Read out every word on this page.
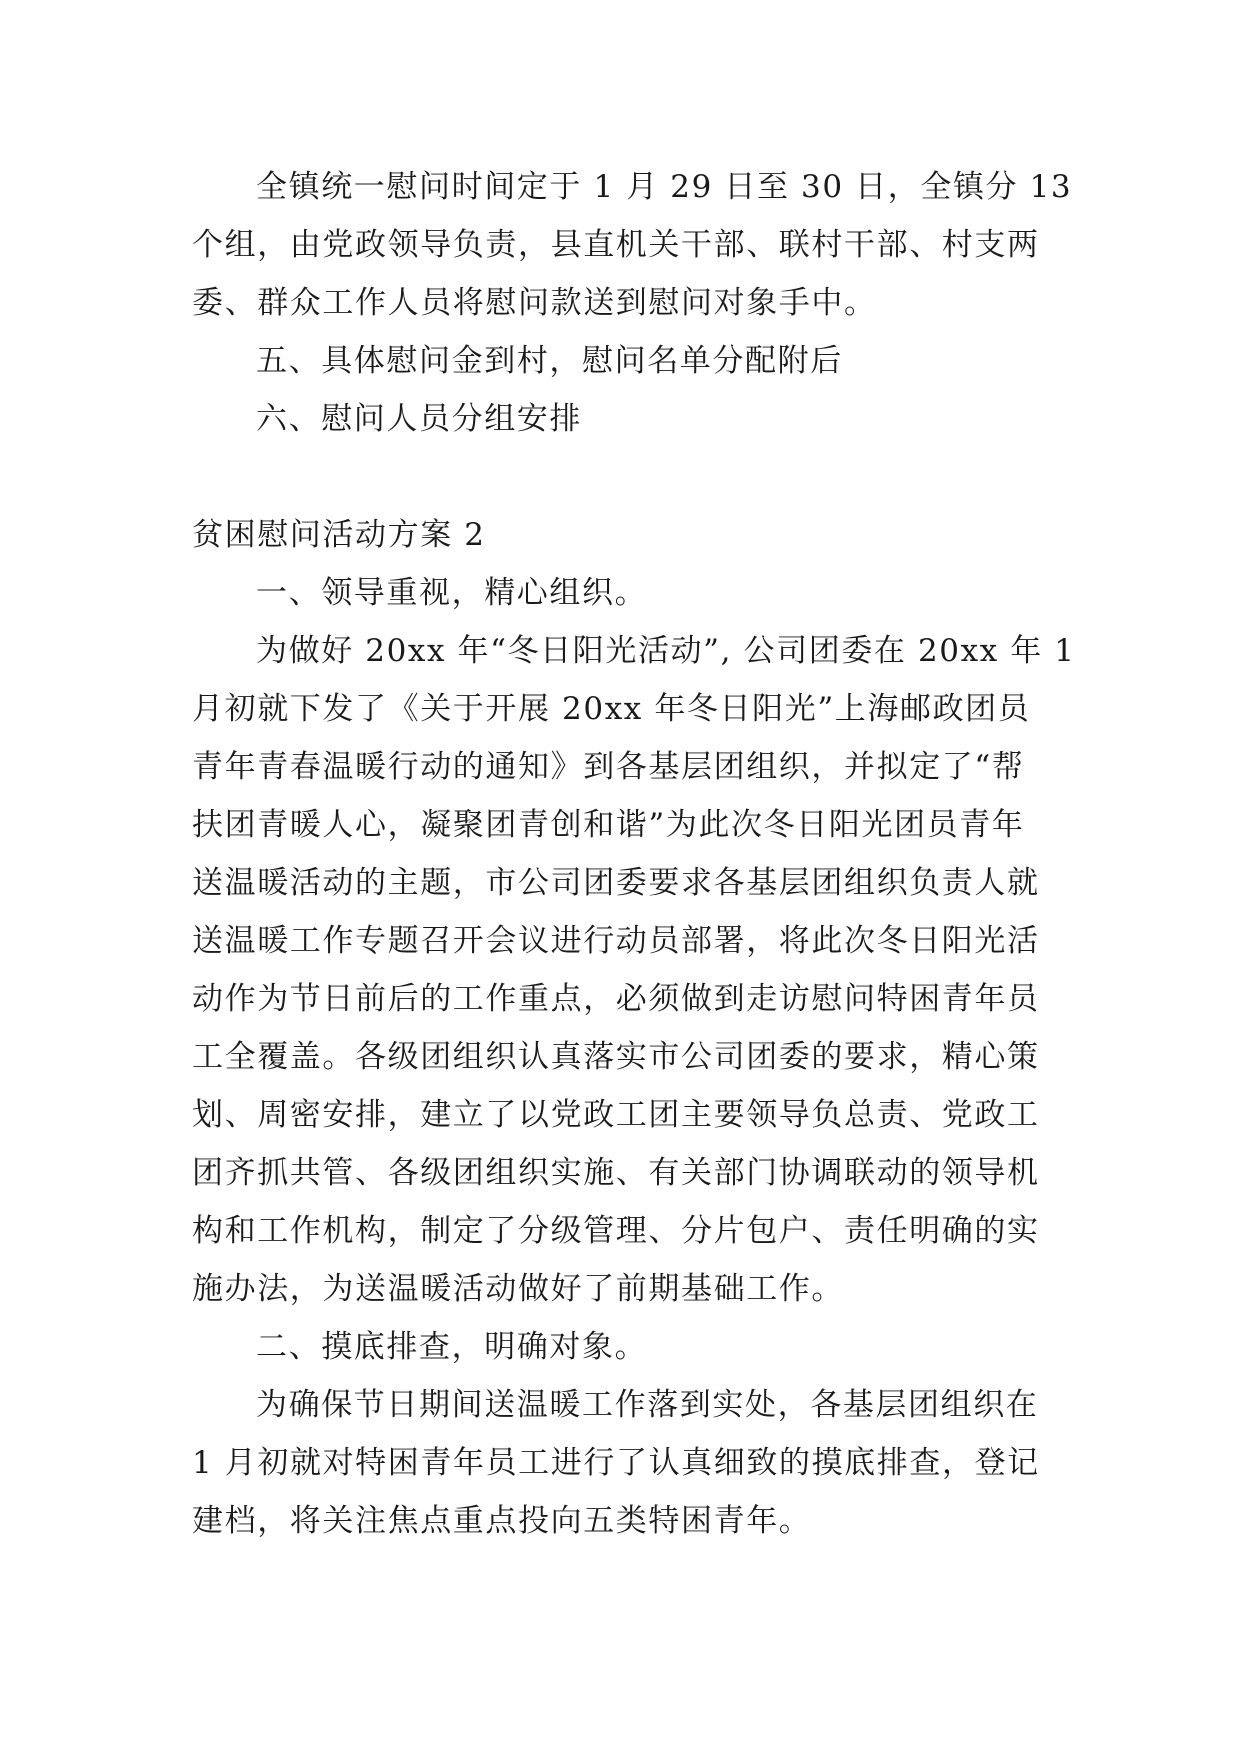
全镇统一慰问时间定于 1 月 29 日至 30 日，全镇分 13
个组，由党政领导负责，县直机关干部、联村干部、村支两
委、群众工作人员将慰问款送到慰问对象手中。
五、具体慰问金到村，慰问名单分配附后
六、慰问人员分组安排
贫困慰问活动方案 2
一、领导重视，精心组织。
为做好 20xx 年“冬日阳光活动”, 公司团委在 20xx 年 1
月初就下发了《关于开展 20xx 年冬日阳光”上海邮政团员
青年青春温暖行动的通知》到各基层团组织，并拟定了“帮
扶团青暖人心，凝聚团青创和谐”为此次冬日阳光团员青年
送温暖活动的主题，市公司团委要求各基层团组织负责人就
送温暖工作专题召开会议进行动员部署，将此次冬日阳光活
动作为节日前后的工作重点，必须做到走访慰问特困青年员
工全覆盖。各级团组织认真落实市公司团委的要求，精心策
划、周密安排，建立了以党政工团主要领导负总责、党政工
团齐抓共管、各级团组织实施、有关部门协调联动的领导机
构和工作机构，制定了分级管理、分片包户、责任明确的实
施办法，为送温暖活动做好了前期基础工作。
二、摸底排查，明确对象。
为确保节日期间送温暖工作落到实处，各基层团组织在
1 月初就对特困青年员工进行了认真细致的摸底排查，登记
建档，将关注焦点重点投向五类特困青年。
